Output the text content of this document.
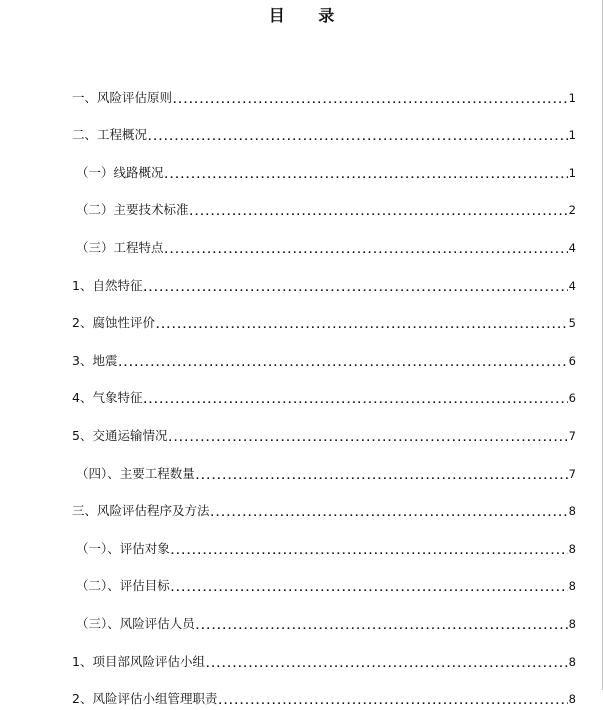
目 录
一、风险评估原则 . . .	1
二、工程概况 . . .	1
（一）线路概况 . . .	1
（二）主要技术标准 . . .	2
（三）工程特点 . . .	4
1、自然特征 . . .	4
2、腐蚀性评价 . . .	5
3、地震 . . .	6
4、气象特征 . . .	6
5、交通运输情况 . . .	7
（四）、主要工程数量 . . .	7
三、风险评估程序及方法 . . .	8
（一）、评估对象 . . .	8
（二）、评估目标 . . .	8
（三）、风险评估人员 . . .	8
1、项目部风险评估小组 . . .	8
2、风险评估小组管理职责 . . .	8
